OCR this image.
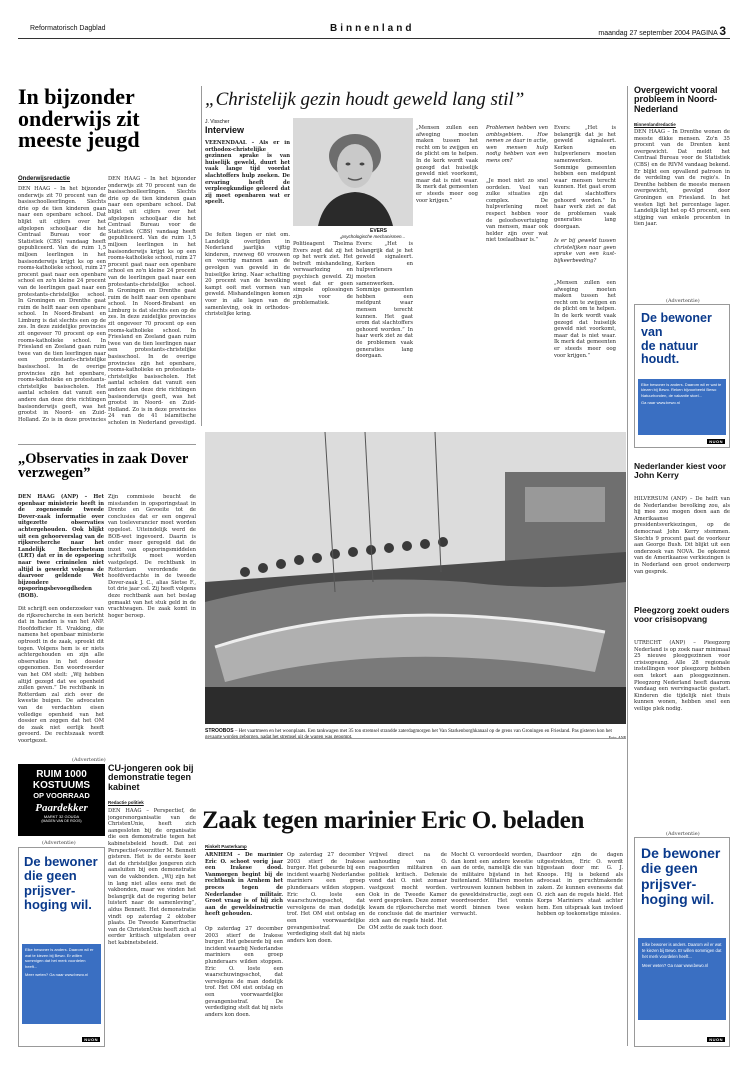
Reformatorisch Dagblad	Binnenland	maandag 27 september 2004 PAGINA 3
In bijzonder onderwijs zit meeste jeugd
Onderwijsredactie
DEN HAAG – In het bijzonder onderwijs zit 70 procent van de basisschoolleerlingen. Slechts drie op de tien kinderen gaan naar een openbare school. Dat blijkt uit cijfers over het afgelopen schooljaar die het Centraal Bureau voor de Statistiek (CBS) vandaag heeft gepubliceerd. Van de ruim 1,5 miljoen leerlingen in het basisonderwijs krijgt ks op een rooms-katholieke school, ruim 27 procent gaat naar een openbare school en zo'n kleine 24 procent van de leerlingen gaat naar een protestants-christelijke school. In Groningen en Drenthe gaat ruim de helft naar een openbare school. In Noord-Brabant en Limburg is dat slechts een op de zes. In deze zuidelijke provincies zit ongeveer 70 procent op een rooms-katholieke school. In Friesland en Zeeland gaan ruim twee van de tien leerlingen naar een protestants-christelijke basisschool. In de overige provincies zijn het openbare, rooms-katholieke en protestants-christelijke basisscholen. Het aantal scholen dat vanuit een andere dan deze drie richtingen basisonderwijs geeft, was het grootst in Noord- en Zuid-Holland. Zo is in deze provincies
DEN HAAG – In het bijzonder onderwijs zit 70 procent van de basisschoolleerlingen. Slechts drie op de tien kinderen gaan naar een openbare school. Dat blijkt uit cijfers over het afgelopen schooljaar die het Centraal Bureau voor de Statistiek (CBS) vandaag heeft gepubliceerd. Van de ruim 1,5 miljoen leerlingen in het basisonderwijs krijgt ks op een rooms-katholieke school, ruim 27 procent gaat naar een openbare school en zo'n kleine 24 procent van de leerlingen gaat naar een protestants-christelijke school. In Groningen en Drenthe gaat ruim de helft naar een openbare school. In Noord-Brabant en Limburg is dat slechts een op de zes. In deze zuidelijke provincies zit ongeveer 70 procent op een rooms-katholieke school. In Friesland en Zeeland gaan ruim twee van de tien leerlingen naar een protestants-christelijke basisschool. In de overige provincies zijn het openbare, rooms-katholieke en protestants-christelijke basisscholen. Het aantal scholen dat vanuit een andere dan deze drie richtingen basisonderwijs geeft, was het grootst in Noord- en Zuid-Holland. Zo is in deze provincies 24 van de 41 islamitische scholen in Nederland gevestigd.
„Christelijk gezin houdt geweld lang stil”
J. Visscher
Interview
VEENENDAAL – Als er in orthodox-christelijke gezinnen sprake is van huiselijk geweld, duurt het vaak lange tijd voordat slachtoffers hulp zoeken. De ervaring heeft de verpleegkundige geleerd dat zij moet openbaren wat er speelt.
De feiten liegen er niet om. Landelijk overlijden in Nederland jaarlijks vijftig kinderen, ruwweg 60 vrouwen en veertig mannen aan de gevolgen van geweld in de huiselijke kring. Naar schatting 20 procent van de bevolking kampt ooit met vormen van geweld. Mishandelingen komen voor in alle lagen van de samenleving, ook in orthodox-christelijke kring.
EVERS
„psychologische mechanismen...
Politieagent Thelma Evers zegt dat zij het op het werk ziet. Het betreft mishandeling, verwaarlozing en psychisch geweld. Zij weet dat er geen simpele oplossingen zijn voor de problematiek.
Evers: „Het is belangrijk dat je het geweld signaleert. Kerken en hulpverleners moeten samenwerken. Sommige gemeenten hebben een meldpunt waar mensen terecht kunnen. Het gaat erom dat slachtoffers gehoord worden.” In haar werk ziet ze dat de problemen vaak generaties lang doorgaan.
„Mensen zullen een afweging moeten maken tussen het recht om te zwijgen en de plicht om te helpen. In de kerk wordt vaak gezegd dat huiselijk geweld niet voorkomt, maar dat is niet waar. Ik merk dat gemeenten er steeds meer oog voor krijgen.”
Problemen hebben ven ambtsgebiem. Hoe nemen ze daar in actie, wen mensen hulp nodig hebben van een mens om?
„Je moet niet zo snel oordelen. Veel van zulke situaties zijn complex. De hulpverlening moet respect hebben voor de geloofsovertuiging van mensen, maar ook helder zijn over wat niet toelaatbaar is.”
Evers: „Het is belangrijk dat je het geweld signaleert. Kerken en hulpverleners moeten samenwerken. Sommige gemeenten hebben een meldpunt waar mensen terecht kunnen. Het gaat erom dat slachtoffers gehoord worden.” In haar werk ziet ze dat de problemen vaak generaties lang doorgaan.
Is er bij geweld tussen christelijken naar geen sprake van een kust-bijkeerbeeding?
„Mensen zullen een afweging moeten maken tussen het recht om te zwijgen en de plicht om te helpen. In de kerk wordt vaak gezegd dat huiselijk geweld niet voorkomt, maar dat is niet waar. Ik merk dat gemeenten er steeds meer oog voor krijgen.”
Overgewicht vooral probleem in Noord-Nederland
Binnenlandredactie
DEN HAAG – In Drenthe wonen de meeste dikke mensen. Zo'n 35 procent van de Drenten kent overgewicht. Dat meldt het Centraal Bureau voor de Statistiek (CBS) en de RIVM vandaag bekend. Er blijkt een opvallend patroon in de verdeling van de regio's. In Drenthe hebben de meeste mensen overgewicht, gevolgd door Groningen en Friesland. In het westen ligt het percentage lager. Landelijk ligt het op 45 procent, een stijging van enkele procenten in tien jaar.
(Advertentie)
De bewoner
van
de natuur
houdt.
Elke bewoner is anders. Daarom wil er wat te kiezen bij Bewo. Reken bijvoorbeeld Bewo Natuurhonden, de vakantie stoel...
Ga naar www.bewo.nl
NUON
Nederlander kiest voor John Kerry
HILVERSUM (ANP) – De helft van de Nederlandse bevolking zou, als hij mee zou mogen doen aan de Amerikaanse presidentsverkiezingen, op de democraat John Kerry stemmen. Slechts 9 procent gaat de voorkeur aan George Bush. Dit blijkt uit een onderzoek van NOVA. De opkomst van de Amerikaanse verkiezingen is in Nederland een groot onderwerp van gesprek.
Pleegzorg zoekt ouders voor crisisopvang
UTRECHT (ANP) – Pleegzorg Nederland is op zoek naar minimaal 25 nieuwe pleeggezinnen voor crisisopvang. Alle 28 regionale instellingen voor pleegzorg hebben een tekort aan pleeggezinnen. Pleegzorg Nederland heeft daarom vandaag een wervingsactie gestart. Kinderen die tijdelijk niet thuis kunnen wonen, hebben snel een veilige plek nodig.
(Advertentie)
De bewoner
die geen
prijsver-
hoging wil.
Elke bewoner is anders. Daarom wil er wat te kiezen bij Bewo. Er willen sommigen dat het merk voordelen heeft...
Meer weten? Ga naar www.bewo.nl
NUON
STROOBOS – Het vaartmeen en het woonplaats. Een tankwagen met 35 ton stremsel strandde zaterdagmorgen het Van Starkenborghkanaal op de grens van Groningen en Friesland. Pas gisteren kon het
„Observaties in zaak Dover verzwegen”
DEN HAAG (ANP) – Het openbaar ministerie heeft in de zogenoemde tweede Dover-zaak informatie over uitgezette observaties achtergehouden. Ook blijkt uit een gehoorverslag van de rijksrecherche naar het Landelijk Rechercheteam (LRT) dat er in de opsporing naar twee criminelen niet altijd is gewerkt volgens de daarvoor geldende Wet bijzondere opsporingsbevoegdheden (BOB).
Dit schrijft een onderzoeker van de rijksrecherche in een bericht dat in handen is van het ANP. Hoofdofficier H. Vrakking, die namens het openbaar ministerie optreedt in de zaak, spreekt dit tegen. Volgens hem is er niets achtergehouden en zijn alle observaties in het dossier opgenomen. Een woordvoerder van het OM stelt: „Wij hebben altijd gezegd dat we openheid zullen geven.” De rechtbank in Rotterdam zal zich over de kwestie buigen. De advocaten van de verdachten eisen volledige openheid van het dossier en zeggen dat het OM de zaak niet eerlijk heeft gevoerd. De rechtszaak wordt voortgezet.
Zijn commissie beucht de misstanden in opsporingstaat in Drente en Gevoeite tot de conclusies dat er een ongeval van toeleverancier moet worden opgelost. Uiteindelijk werd de BOB-wet ingevoerd. Daarin is onder meer geregeld dat de inzet van opsporingsmiddelen schriftelijk moet worden vastgelegd. De rechtbank in Rotterdam verordende de hoofdverdachte in de tweede Dover-zaak J. C., alias Sietse F., tot drie jaar cel. Zij heeft volgens deze rechtbank aan het beslag gemaakt van het stuk geld in de vrachtwagen. De zaak komt in hoger beroep.
(Advertentie)
RUIM 1000
KOSTUUMS
OP VOORRAAD
Paardekker
MARKT 32 GOUDA
(MAGEN VAN DE ROOS)
(Advertentie)
De bewoner
die geen
prijsver-
hoging wil.
Elke bewoner is anders. Daarom wil er wat te kiezen bij Bewo. Er willen sommigen dat het merk voordelen heeft...
Meer weten? Ga naar www.bewo.nl
NUON
CU-jongeren ook bij demonstratie tegen kabinet
Redactie politiek
DEN HAAG – Perspectief, de jongerenorganisatie van de ChristenUnie, heeft zich aangesloten bij de organisatie die een demonstratie tegen het kabinetsbeleid houdt. Dat zei Perspectief-voorzitter M. Bennett gisteren. Het is de eerste keer dat de christelijke jongeren zich aansluiten bij een demonstratie van de vakbonden. „Wij zijn het in lang niet alles eens met de vakbonden, maar we vinden het belangrijk dat de regering beter luistert naar de samenleving”, aldus Bennett. Het demonstratie vindt op zaterdag 2 oktober plaats. De Tweede Kamerfractie van de ChristenUnie heeft zich al eerder kritisch uitgelaten over het kabinetsbeleid.
Zaak tegen marinier Eric O. beladen
Rinkelt Pasterkamp
ARNHEM – De marinier Eric O. schoot vorig jaar een Irakese dood. Vanmorgen begint bij de rechtbank in Arnhem het proces tegen de Nederlandse militair. Groot vraag is of hij zich aan de geweldsinstructie heeft gehouden.
Op zaterdag 27 december 2003 stierf de Irakese burger. Het gebeurde bij een incident waarbij Nederlandse mariniers een groep plunderaars wilden stoppen. Eric O. loste een waarschuwingsschot, dat vervolgens de man dodelijk trof. Het OM eist ontslag en een voorwaardelijke gevangenisstraf. De verdediging stelt dat hij niets anders kon doen.
Op zaterdag 27 december 2003 stierf de Irakese burger. Het gebeurde bij een incident waarbij Nederlandse mariniers een groep plunderaars wilden stoppen. Eric O. loste een waarschuwingsschot, dat vervolgens de man dodelijk trof. Het OM eist ontslag en een voorwaardelijke gevangenisstraf. De verdediging stelt dat hij niets anders kon doen.
Vrijwel direct na de aanhouding van O. reageerden militairen en politiek kritisch. Defensie vond dat O. niet zomaar vastgezet mocht worden. Ook in de Tweede Kamer werd gesproken. Deze zomer kwam de rijksrecherche met de conclusie dat de marinier zich aan de regels hield. Het OM zette de zaak toch door.
Mocht O. veroordeeld worden, dan komt een andere kwestie aan de orde, namelijk die van de militaire bijstand in het buitenland. Militairen moeten vertrouwen kunnen hebben in de geweldsinstructie, zegt een woordvoerder. Het vonnis wordt binnen twee weken verwacht.
Daardoor zijn de dagen uitgestrekten, Eric O. wordt bijgestaan door mr. G. J. Knoops. Hij is bekend als advocaat in geruchtmakende zaken. Ze kunnen eveneens dat O. zich aan de regels hield. Het Korps Mariniers staat achter hem. Een uitspraak kan invloed hebben op toekomstige missies.
